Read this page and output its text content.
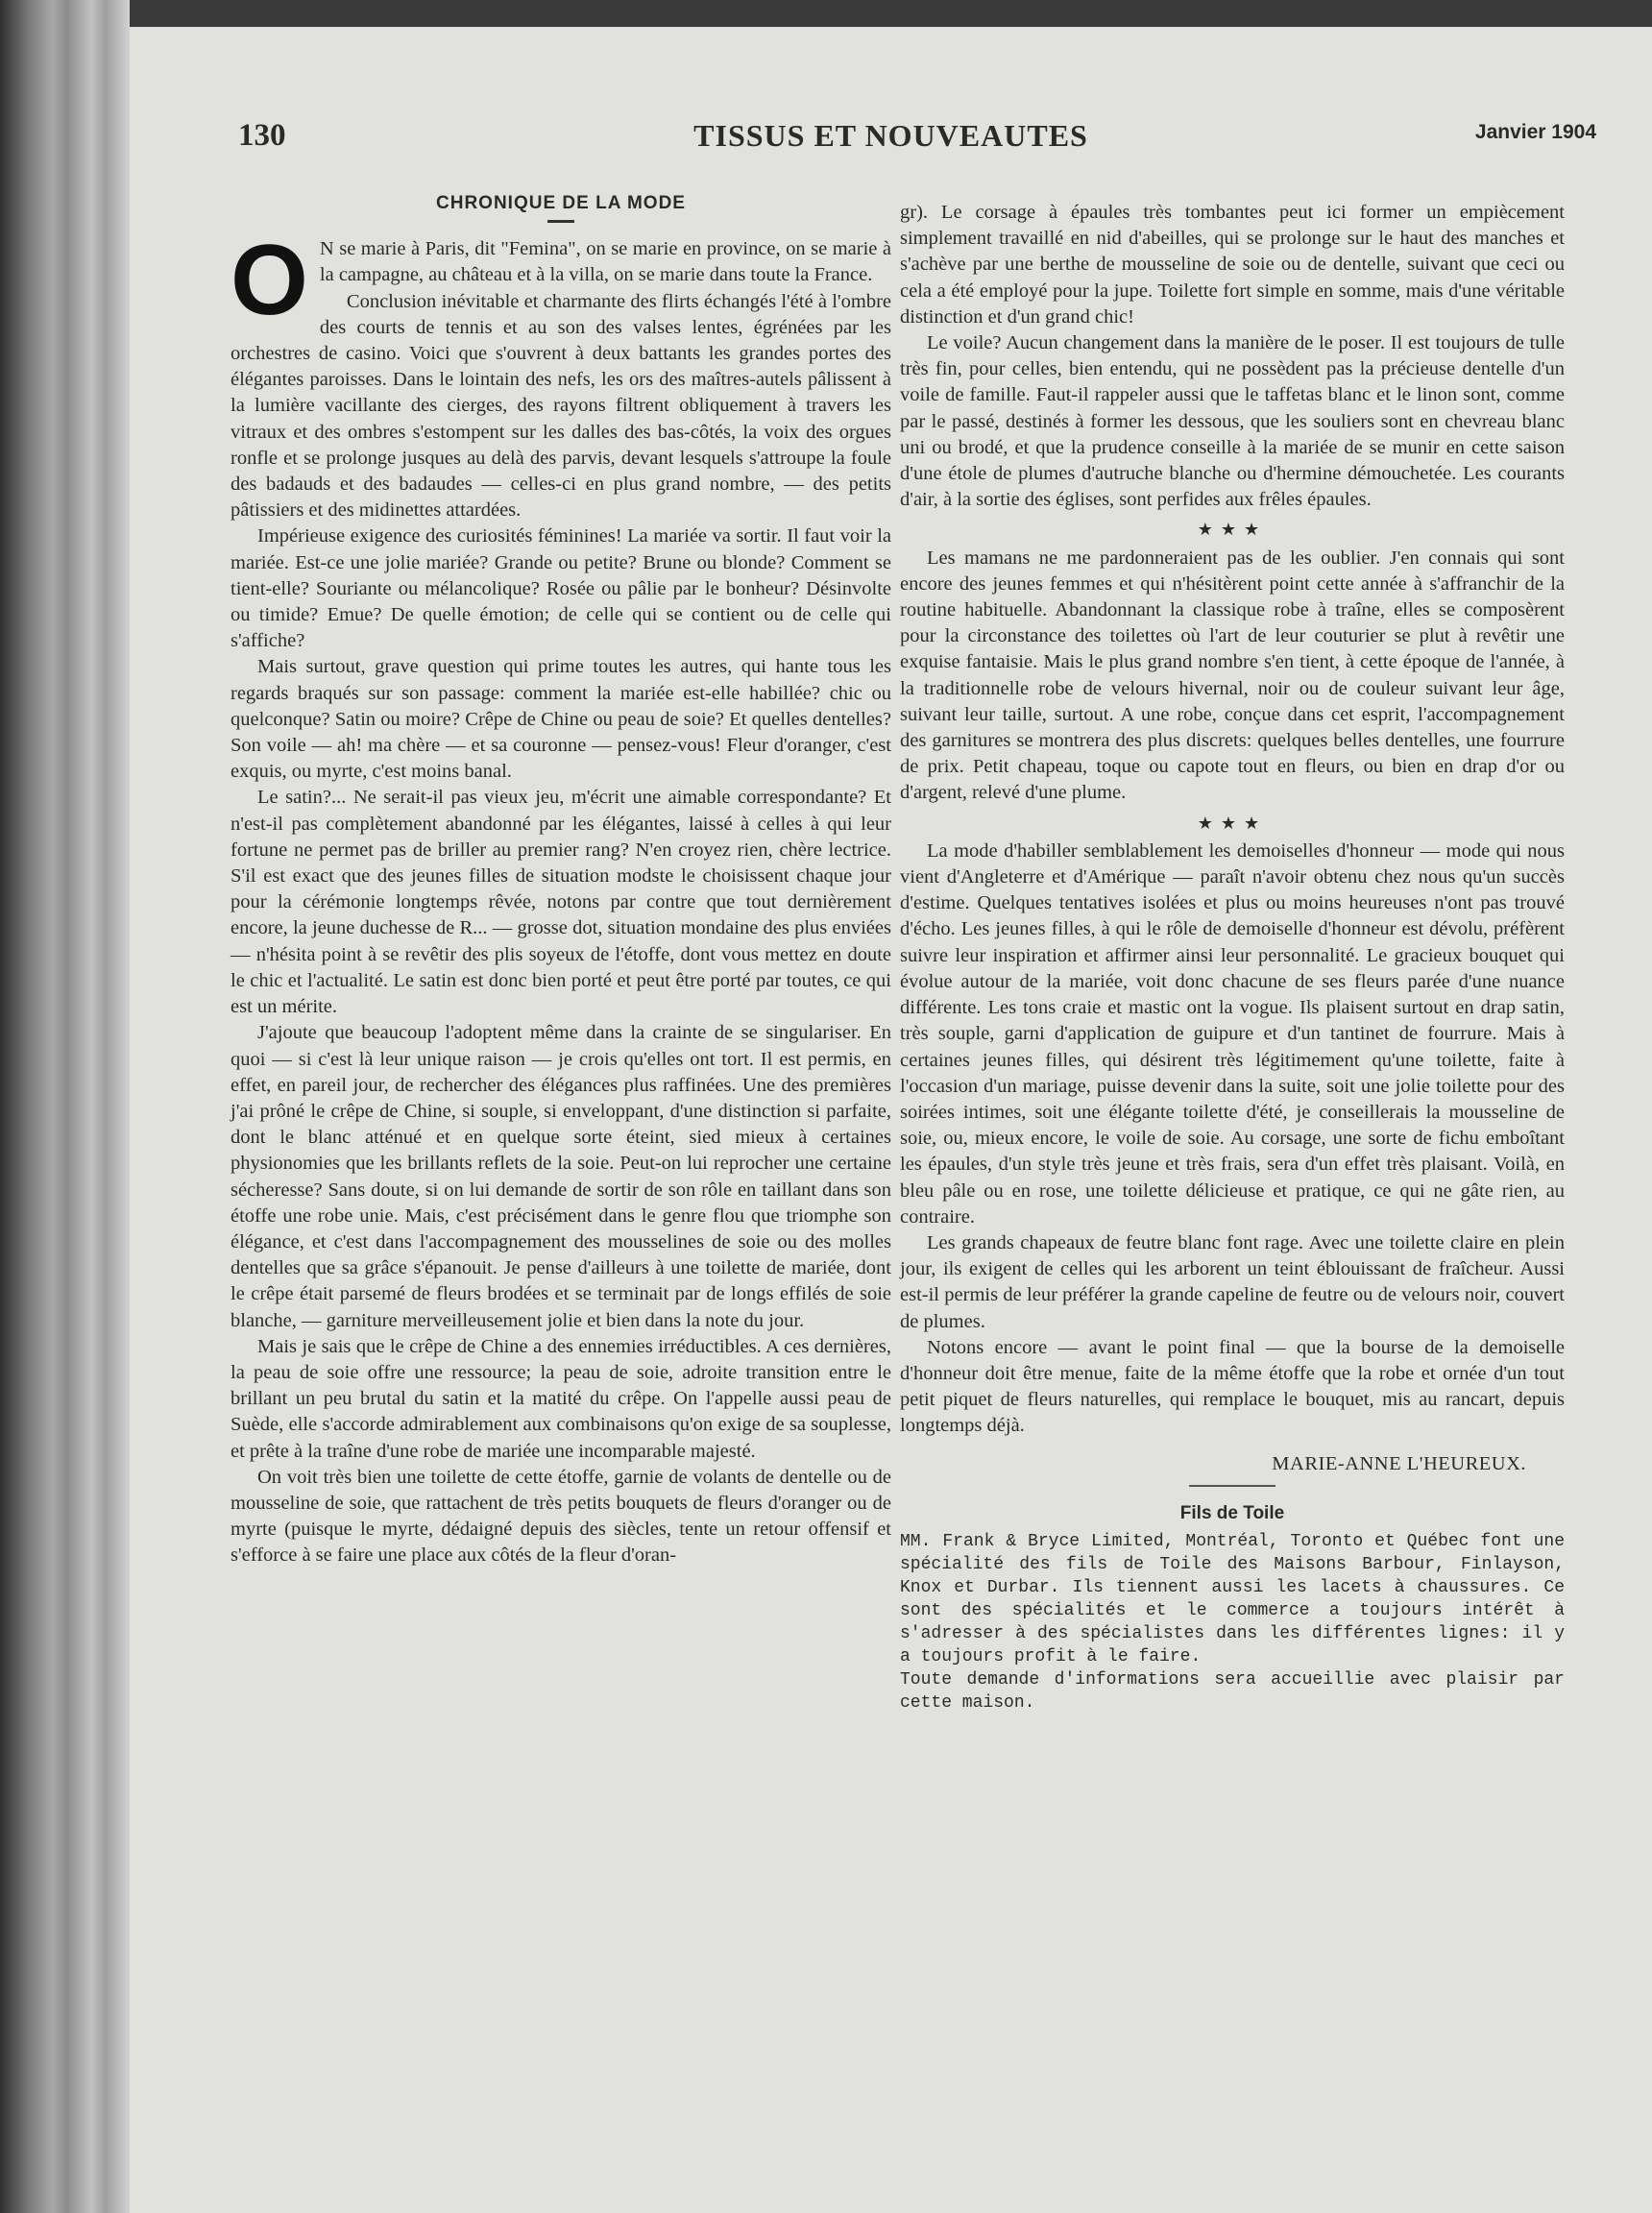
130	TISSUS ET NOUVEAUTES	Janvier 1904
CHRONIQUE DE LA MODE
O N se marie à Paris, dit "Femina", on se marie en province, on se marie à la campagne, au château et à la villa, on se marie dans toute la France.

Conclusion inévitable et charmante des flirts échangés l'été à l'ombre des courts de tennis et au son des valses lentes, égrénées par les orchestres de casino. Voici que s'ouvrent à deux battants les grandes portes des élégantes paroisses. Dans le lointain des nefs, les ors des maîtres-autels pâlissent à la lumière vacillante des cierges, des rayons filtrent obliquement à travers les vitraux et des ombres s'estompent sur les dalles des bas-côtés, la voix des orgues ronfle et se prolonge jusques au delà des parvis, devant lesquels s'attroupe la foule des badauds et des badaudes — celles-ci en plus grand nombre, — des petits pâtissiers et des midinettes attardées.

Impérieuse exigence des curiosités féminines! La mariée va sortir. Il faut voir la mariée. Est-ce une jolie mariée? Grande ou petite? Brune ou blonde? Comment se tient-elle? Souriante ou mélancolique? Rosée ou pâlie par le bonheur? Désinvolte ou timide? Emue? De quelle émotion; de celle qui se contient ou de celle qui s'affiche?

Mais surtout, grave question qui prime toutes les autres, qui hante tous les regards braqués sur son passage: comment la mariée est-elle habillée? chic ou quelconque? Satin ou moire? Crêpe de Chine ou peau de soie? Et quelles dentelles? Son voile — ah! ma chère — et sa couronne — pensez-vous! Fleur d'oranger, c'est exquis, ou myrte, c'est moins banal.

Le satin?... Ne serait-il pas vieux jeu, m'écrit une aimable correspondante? Et n'est-il pas complètement abandonné par les élégantes, laissé à celles à qui leur fortune ne permet pas de briller au premier rang? N'en croyez rien, chère lectrice. S'il est exact que des jeunes filles de situation modste le choisissent chaque jour pour la cérémonie longtemps rêvée, notons par contre que tout dernièrement encore, la jeune duchesse de R... — grosse dot, situation mondaine des plus enviées — n'hésita point à se revêtir des plis soyeux de l'étoffe, dont vous mettez en doute le chic et l'actualité. Le satin est donc bien porté et peut être porté par toutes, ce qui est un mérite.

J'ajoute que beaucoup l'adoptent même dans la crainte de se singulariser. En quoi — si c'est là leur unique raison — je crois qu'elles ont tort. Il est permis, en effet, en pareil jour, de rechercher des élégances plus raffinées. Une des premières j'ai prôné le crêpe de Chine, si souple, si enveloppant, d'une distinction si parfaite, dont le blanc atténué et en quelque sorte éteint, sied mieux à certaines physionomies que les brillants reflets de la soie. Peut-on lui reprocher une certaine sécheresse? Sans doute, si on lui demande de sortir de son rôle en taillant dans son étoffe une robe unie. Mais, c'est précisément dans le genre flou que triomphe son élégance, et c'est dans l'accompagnement des mousselines de soie ou des molles dentelles que sa grâce s'épanouit. Je pense d'ailleurs à une toilette de mariée, dont le crêpe était parsemé de fleurs brodées et se terminait par de longs effilés de soie blanche, — garniture merveilleusement jolie et bien dans la note du jour.

Mais je sais que le crêpe de Chine a des ennemies irréductibles. A ces dernières, la peau de soie offre une ressource; la peau de soie, adroite transition entre le brillant un peu brutal du satin et la matité du crêpe. On l'appelle aussi peau de Suède, elle s'accorde admirablement aux combinaisons qu'on exige de sa souplesse, et prête à la traîne d'une robe de mariée une incomparable majesté.

On voit très bien une toilette de cette étoffe, garnie de volants de dentelle ou de mousseline de soie, que rattachent de très petits bouquets de fleurs d'oranger ou de myrte (puisque le myrte, dédaigné depuis des siècles, tente un retour offensif et s'efforce à se faire une place aux côtés de la fleur d'oran-

gr). Le corsage à épaules très tombantes peut ici former un empiècement simplement travaillé en nid d'abeilles, qui se prolonge sur le haut des manches et s'achève par une berthe de mousseline de soie ou de dentelle, suivant que ceci ou cela a été employé pour la jupe. Toilette fort simple en somme, mais d'une véritable distinction et d'un grand chic!

Le voile? Aucun changement dans la manière de le poser. Il est toujours de tulle très fin, pour celles, bien entendu, qui ne possèdent pas la précieuse dentelle d'un voile de famille. Faut-il rappeler aussi que le taffetas blanc et le linon sont, comme par le passé, destinés à former les dessous, que les souliers sont en chevreau blanc uni ou brodé, et que la prudence conseille à la mariée de se munir en cette saison d'une étole de plumes d'autruche blanche ou d'hermine démouchetée. Les courants d'air, à la sortie des églises, sont perfides aux frêles épaules.

★★★

Les mamans ne me pardonneraient pas de les oublier. J'en connais qui sont encore des jeunes femmes et qui n'hésitèrent point cette année à s'affranchir de la routine habituelle. Abandonnant la classique robe à traîne, elles se composèrent pour la circonstance des toilettes où l'art de leur couturier se plut à revêtir une exquise fantaisie. Mais le plus grand nombre s'en tient, à cette époque de l'année, à la traditionnelle robe de velours hivernal, noir ou de couleur suivant leur âge, suivant leur taille, surtout. A une robe, conçue dans cet esprit, l'accompagnement des garnitures se montrera des plus discrets: quelques belles dentelles, une fourrure de prix. Petit chapeau, toque ou capote tout en fleurs, ou bien en drap d'or ou d'argent, relevé d'une plume.

★★★

La mode d'habiller semblablement les demoiselles d'honneur — mode qui nous vient d'Angleterre et d'Amérique — paraît n'avoir obtenu chez nous qu'un succès d'estime. Quelques tentatives isolées et plus ou moins heureuses n'ont pas trouvé d'écho. Les jeunes filles, à qui le rôle de demoiselle d'honneur est dévolu, préfèrent suivre leur inspiration et affirmer ainsi leur personnalité. Le gracieux bouquet qui évolue autour de la mariée, voit donc chacune de ses fleurs parée d'une nuance différente. Les tons craie et mastic ont la vogue. Ils plaisent surtout en drap satin, très souple, garni d'application de guipure et d'un tantinet de fourrure. Mais à certaines jeunes filles, qui désirent très légitimement qu'une toilette, faite à l'occasion d'un mariage, puisse devenir dans la suite, soit une jolie toilette pour des soirées intimes, soit une élégante toilette d'été, je conseillerais la mousseline de soie, ou, mieux encore, le voile de soie. Au corsage, une sorte de fichu emboîtant les épaules, d'un style très jeune et très frais, sera d'un effet très plaisant. Voilà, en bleu pâle ou en rose, une toilette délicieuse et pratique, ce qui ne gâte rien, au contraire.

Les grands chapeaux de feutre blanc font rage. Avec une toilette claire en plein jour, ils exigent de celles qui les arborent un teint éblouissant de fraîcheur. Aussi est-il permis de leur préférer la grande capeline de feutre ou de velours noir, couvert de plumes.

Notons encore — avant le point final — que la bourse de la demoiselle d'honneur doit être menue, faite de la même étoffe que la robe et ornée d'un tout petit piquet de fleurs naturelles, qui remplace le bouquet, mis au rancart, depuis longtemps déjà.

MARIE-ANNE L'HEUREUX.
Fils de Toile

MM. Frank & Bryce Limited, Montréal, Toronto et Québec font une spécialité des fils de Toile des Maisons Barbour, Finlayson, Knox et Durbar. Ils tiennent aussi les lacets à chaussures. Ce sont des spécialités et le commerce a toujours intérêt à s'adresser à des spécialistes dans les différentes lignes: il y a toujours profit à le faire.

Toute demande d'informations sera accueillie avec plaisir par cette maison.
